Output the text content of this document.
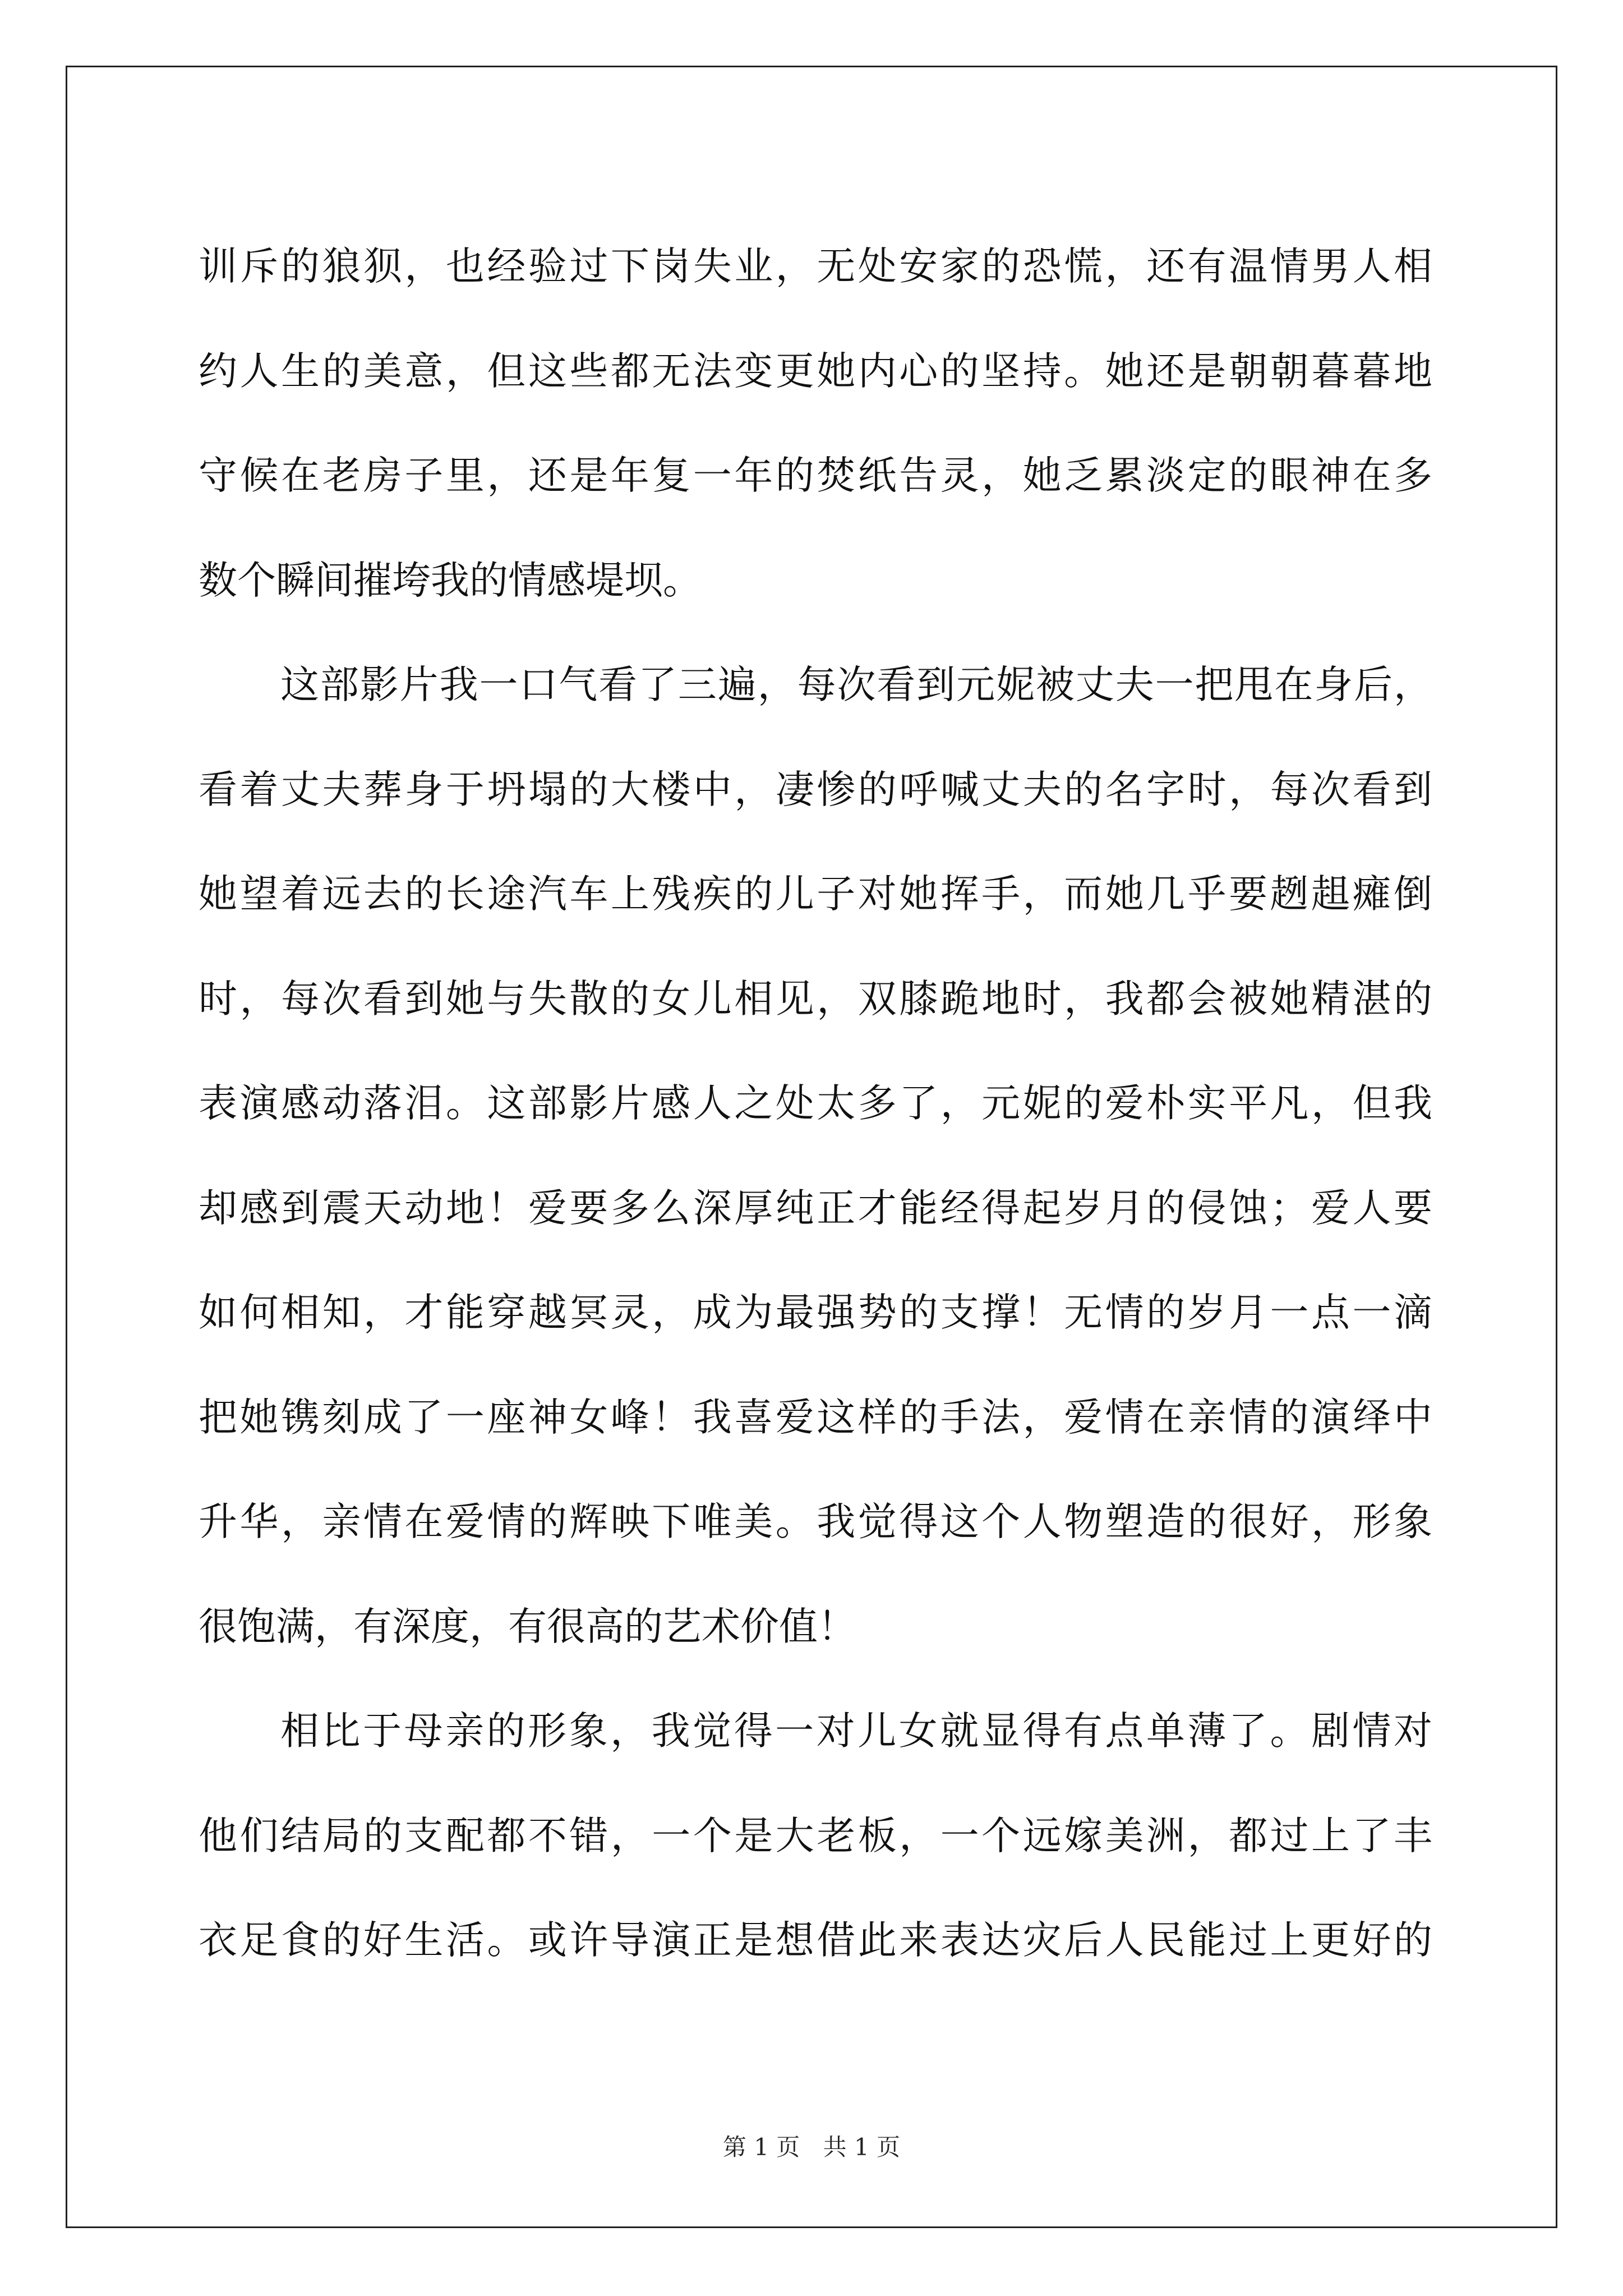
训斥的狼狈，也经验过下岗失业，无处安家的恐慌，还有温情男人相
约人生的美意，但这些都无法变更她内心的坚持。她还是朝朝暮暮地
守候在老房子里，还是年复一年的焚纸告灵，她乏累淡定的眼神在多
数个瞬间摧垮我的情感堤坝。
这部影片我一口气看了三遍，每次看到元妮被丈夫一把甩在身后，
看着丈夫葬身于坍塌的大楼中，凄惨的呼喊丈夫的名字时，每次看到
她望着远去的长途汽车上残疾的儿子对她挥手，而她几乎要趔趄瘫倒
时，每次看到她与失散的女儿相见，双膝跪地时，我都会被她精湛的
表演感动落泪。这部影片感人之处太多了，元妮的爱朴实平凡，但我
却感到震天动地！爱要多么深厚纯正才能经得起岁月的侵蚀；爱人要
如何相知，才能穿越冥灵，成为最强势的支撑！无情的岁月一点一滴
把她镌刻成了一座神女峰！我喜爱这样的手法，爱情在亲情的演绎中
升华，亲情在爱情的辉映下唯美。我觉得这个人物塑造的很好，形象
很饱满，有深度，有很高的艺术价值！
相比于母亲的形象，我觉得一对儿女就显得有点单薄了。剧情对
他们结局的支配都不错，一个是大老板，一个远嫁美洲，都过上了丰
衣足食的好生活。或许导演正是想借此来表达灾后人民能过上更好的
第 1 页 共 1 页
